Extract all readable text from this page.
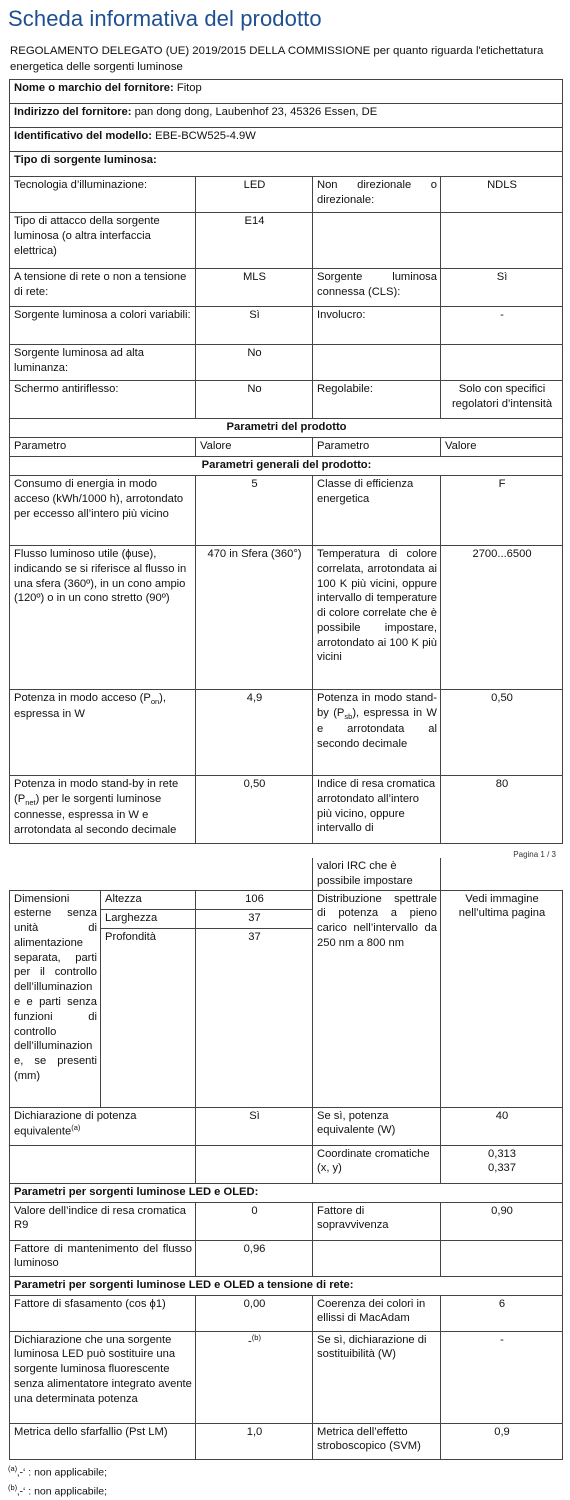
Scheda informativa del prodotto

REGOLAMENTO DELEGATO (UE) 2019/2015 DELLA COMMISSIONE per quanto riguarda l'etichettatura energetica delle sorgenti luminose

Nome o marchio del fornitore: Fitop			
Indirizzo del fornitore: pan dong dong, Laubenhof 23, 45326 Essen, DE			
Identificativo del modello: EBE-BCW525-4.9W			
Tipo di sorgente luminosa:			
Tecnologia d’illuminazione:	LED	Non direzionale o direzionale:	NDLS
Tipo di attacco della sorgente luminosa (o altra interfaccia elettrica)	E14		
A tensione di rete o non a tensione di rete:	MLS	Sorgente luminosa connessa (CLS):	Sì
Sorgente luminosa a colori variabili:	Sì	Involucro:	-
Sorgente luminosa ad alta luminanza:	No		
Schermo antiriflesso:	No	Regolabile:	Solo con specifici regolatori d’intensità
Parametri del prodotto			
Parametro	Valore	Parametro	Valore
Parametri generali del prodotto:			
Consumo di energia in modo acceso (kWh/1000 h), arrotondato per eccesso all’intero più vicino	5	Classe di efficienza energetica	F
Flusso luminoso utile (ɸuse), indicando se si riferisce al flusso in una sfera (360º), in un cono ampio (120º) o in un cono stretto (90º)	470 in Sfera (360°)	Temperatura di colore correlata, arrotondata ai 100 K più vicini, oppure intervallo di temperature di colore correlate che è possibile impostare, arrotondato ai 100 K più vicini	2700...6500
Potenza in modo acceso $(P_{on})$, espressa in W	4,9	Potenza in modo stand-by $(P_{sb})$, espressa in W e arrotondata al secondo decimale	0,50
Potenza in modo stand-by in rete $(P_{net})$ per le sorgenti luminose connesse, espressa in W e arrotondata al secondo decimale	0,50	Indice di resa cromatica arrotondato all’intero più vicino, oppure intervallo di	80
Pagina 1 / 3
			valori IRC che è possibile impostare	
Dimensioni esterne senza unità di alimentazione separata, parti per il controllo dell’illuminazione e parti senza funzioni di controllo dell’illuminazione, se presenti (mm)	Altezza	106	Distribuzione spettrale di potenza a pieno carico nell’intervallo da 250 nm a 800 nm	Vedi immagine nell’ultima pagina
	Larghezza	37		
	Profondità	37		
Dichiarazione di potenza equivalente$^{(a)}$		Sì	Se sì, potenza equivalente (W)	40
			Coordinate cromatiche (x, y)	0,313
0,337
Parametri per sorgenti luminose LED e OLED:				
Valore dell’indice di resa cromatica R9		0	Fattore di sopravvivenza	0,90
Fattore di mantenimento del flusso luminoso		0,96		
Parametri per sorgenti luminose LED e OLED a tensione di rete:				
Fattore di sfasamento (cos ϕ1)		0,00	Coerenza dei colori in ellissi di MacAdam	6
Dichiarazione che una sorgente luminosa LED può sostituire una sorgente luminosa fluorescente senza alimentatore integrato avente una determinata potenza		-$^{(b)}$	Se sì, dichiarazione di sostituibilità (W)	-
Metrica dello sfarfallio (Pst LM)		1,0	Metrica dell’effetto stroboscopico (SVM)	0,9
$^{(a)}$‚-‘ : non applicabile;
$^{(b)}$‚-‘ : non applicabile;
